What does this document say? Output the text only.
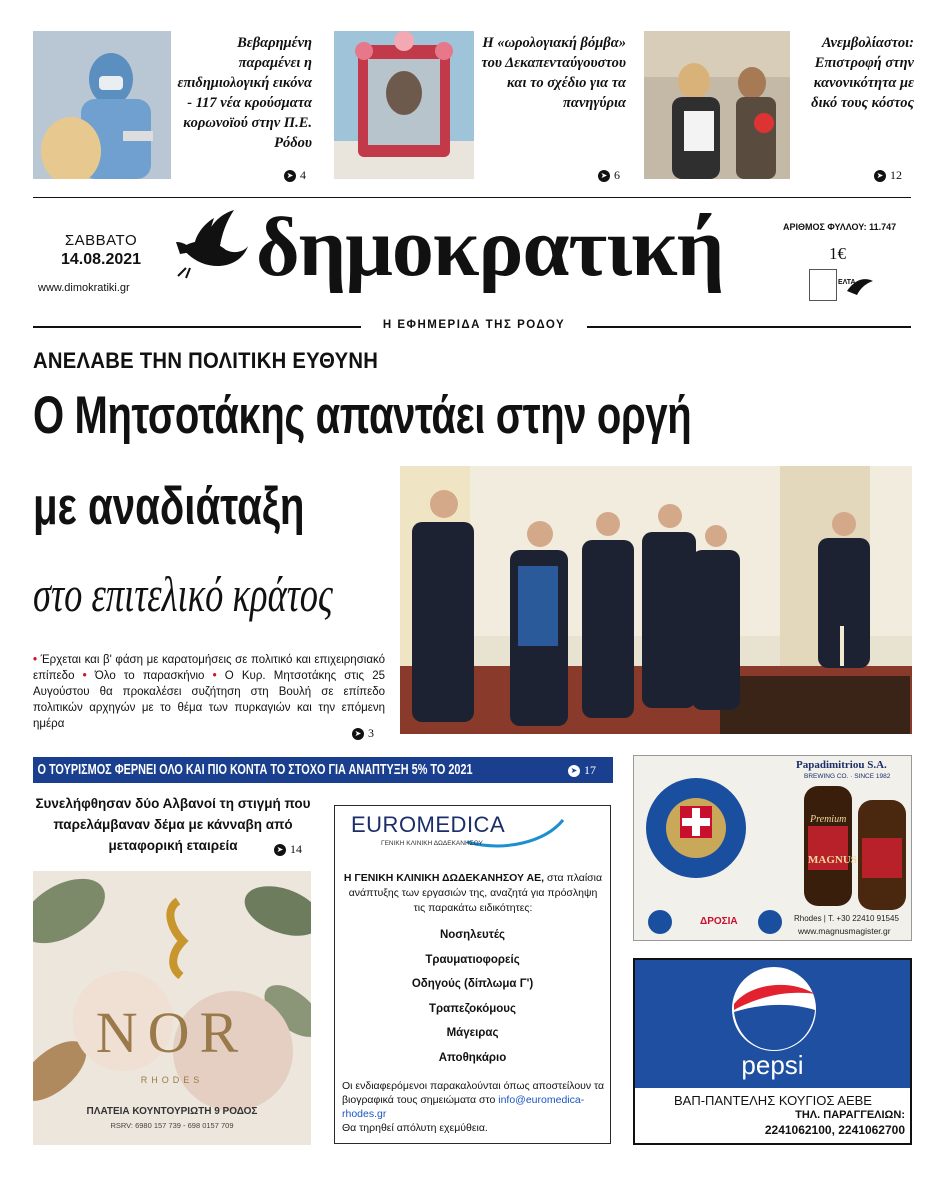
Βεβαρημένη παραμένει η επιδημιολογική εικόνα - 117 νέα κρούσματα κορωνοϊού στην Π.Ε. Ρόδου
➤ 4
Η «ωρολογιακή βόμβα» του Δεκαπενταύγουστου και το σχέδιο για τα πανηγύρια
➤ 6
Ανεμβολίαστοι: Επιστροφή στην κανονικότητα με δικό τους κόστος
➤ 12
ΣΑΒΒΑΤΟ
14.08.2021
www.dimokratiki.gr δημοκρατική	ΑΡΙΘΜΟΣ ΦΥΛΛΟΥ: 11.747
1€
ΕΛΤΑ
Η ΕΦΗΜΕΡΙΔΑ ΤΗΣ ΡΟΔΟΥ
ΑΝΕΛΑΒΕ ΤΗΝ ΠΟΛΙΤΙΚΗ ΕΥΘΥΝΗ
Ο Μητσοτάκης απαντάει στην οργή
με αναδιάταξη
στο επιτελικό κράτος
• Έρχεται και β' φάση με καρατομήσεις σε πολιτικό και επιχειρησιακό επίπεδο • Όλο το παρασκήνιο • Ο Κυρ. Μητσοτάκης στις 25 Αυγούστου θα προκαλέσει συζήτηση στη Βουλή σε επίπεδο πολιτικών αρχηγών με το θέμα των πυρκαγιών και την επόμενη ημέρα
➤ 3
Ο ΤΟΥΡΙΣΜΟΣ ΦΕΡΝΕΙ ΟΛΟ ΚΑΙ ΠΙΟ ΚΟΝΤΑ ΤΟ ΣΤΟΧΟ ΓΙΑ ΑΝΑΠΤΥΞΗ 5% ΤΟ 2021	➤ 17
Συνελήφθησαν δύο Αλβανοί τη στιγμή που παρελάμβαναν δέμα με κάνναβη από μεταφορική εταιρεία	➤ 14
NOR
RHODES
ΠΛΑΤΕΙΑ ΚΟΥΝΤΟΥΡΙΩΤΗ 9 ΡΟΔΟΣ
RSRV: 6980 157 739 - 698 0157 709
EUROMEDICA
ΓΕΝΙΚΗ ΚΛΙΝΙΚΗ ΔΩΔΕΚΑΝΗΣΟΥ
Η ΓΕΝΙΚΗ ΚΛΙΝΙΚΗ ΔΩΔΕΚΑΝΗΣΟΥ ΑΕ, στα πλαίσια ανάπτυξης των εργασιών της, αναζητά για πρόσληψη τις παρακάτω ειδικότητες:

Νοσηλευτές

Τραυματιοφορείς

Οδηγούς (δίπλωμα Γ')

Τραπεζοκόμους

Μάγειρας

Αποθηκάριο

Οι ενδιαφερόμενοι παρακαλούνται όπως αποστείλουν τα βιογραφικά τους σημειώματα στο info@euromedica-rhodes.gr
Θα τηρηθεί απόλυτη εχεμύθεια.
Papadimitriou S.A.
BREWING CO. · SINCE 1982
Premium
MAGNUS
ΔΡΟΣΙΑ	Rhodes | T. +30 22410 91545
www.magnusmagister.gr
pepsi
ΒΑΠ-ΠΑΝΤΕΛΗΣ ΚΟΥΓΙΟΣ ΑΕΒΕ
ΤΗΛ. ΠΑΡΑΓΓΕΛΙΩΝ:
2241062100, 2241062700
